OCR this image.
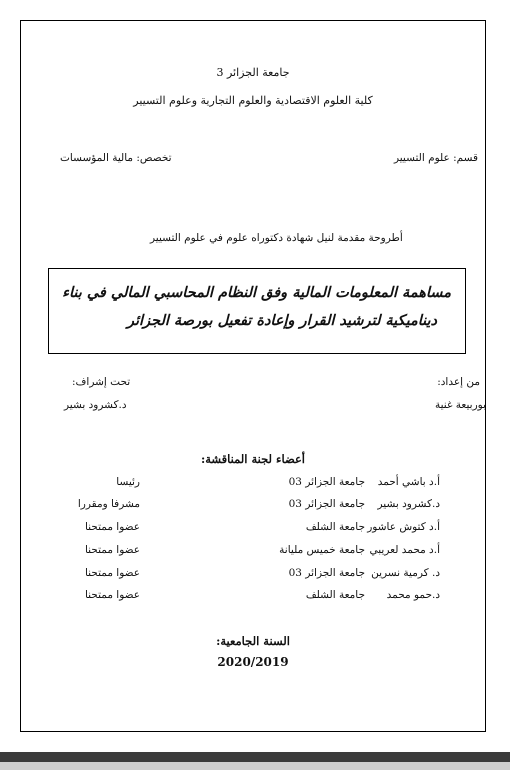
جامعة الجزائر 3
كلية العلوم الاقتصادية والعلوم التجارية وعلوم التسيير
تخصص: مالية المؤسسات	قسم: علوم التسيير
أطروحة مقدمة لنيل شهادة دكتوراه علوم في علوم التسيير
مساهمة المعلومات المالية وفق النظام المحاسبي المالي في بناء
ديناميكية لترشيد القرار وإعادة تفعيل بورصة الجزائر
من إعداد:
بوربيعة غنية
تحت إشراف:
د.كشرود بشير
أعضاء لجنة المناقشة:
أ.د باشي أحمد
جامعة الجزائر 03
رئيسا
د.كشرود بشير
جامعة الجزائر 03
مشرفا ومقررا
أ.د كتوش عاشور
جامعة الشلف
عضوا ممتحنا
أ.د محمد لعريبي
جامعة خميس مليانة
عضوا ممتحنا
د. كرمية نسرين
جامعة الجزائر 03
عضوا ممتحنا
د.حمو محمد
جامعة الشلف
عضوا ممتحنا
السنة الجامعية:
2020/2019
